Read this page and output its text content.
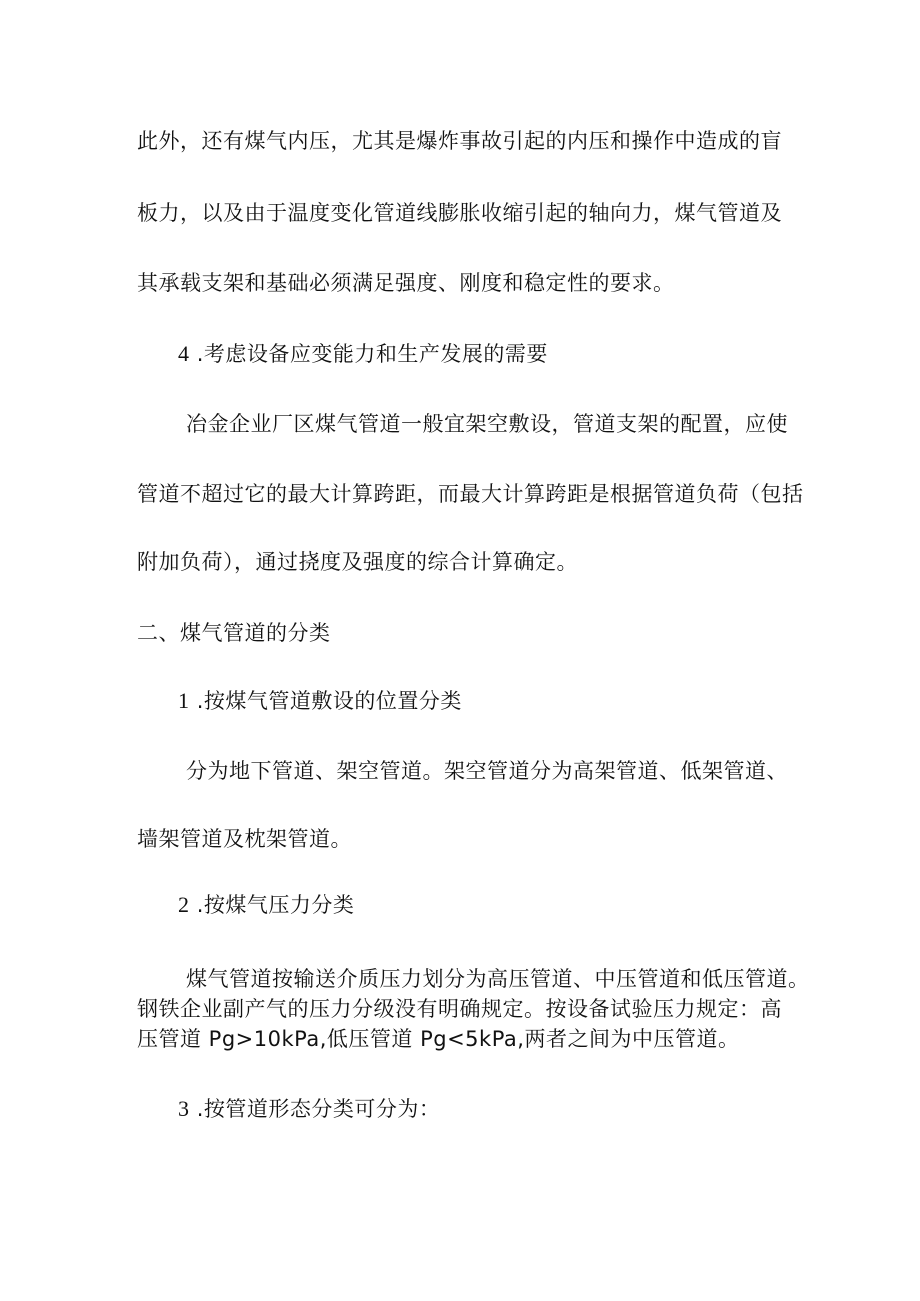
此外，还有煤气内压，尤其是爆炸事故引起的内压和操作中造成的盲
板力，以及由于温度变化管道线膨胀收缩引起的轴向力，煤气管道及
其承载支架和基础必须满足强度、刚度和稳定性的要求。
4 .考虑设备应变能力和生产发展的需要
冶金企业厂区煤气管道一般宜架空敷设，管道支架的配置，应使
管道不超过它的最大计算跨距，而最大计算跨距是根据管道负荷（包括
附加负荷），通过挠度及强度的综合计算确定。
二、煤气管道的分类
1 .按煤气管道敷设的位置分类
分为地下管道、架空管道。架空管道分为高架管道、低架管道、
墙架管道及枕架管道。
2 .按煤气压力分类
煤气管道按输送介质压力划分为高压管道、中压管道和低压管道。
钢铁企业副产气的压力分级没有明确规定。按设备试验压力规定：高
压管道 Pg>10kPa,低压管道 Pg<5kPa,两者之间为中压管道。
3 .按管道形态分类可分为：
